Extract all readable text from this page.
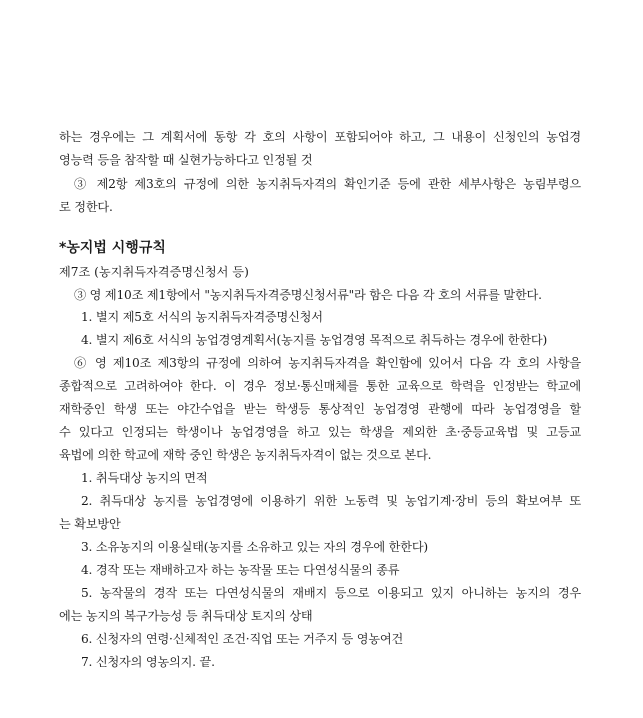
하는 경우에는 그 계획서에 동항 각 호의 사항이 포함되어야 하고, 그 내용이 신청인의 농업경
영능력 등을 참작할 때 실현가능하다고 인정될 것
③ 제2항 제3호의 규정에 의한 농지취득자격의 확인기준 등에 관한 세부사항은 농림부령으
로 정한다.
*농지법 시행규칙
제7조 (농지취득자격증명신청서 등)
③ 영 제10조 제1항에서 "농지취득자격증명신청서류"라 함은 다음 각 호의 서류를 말한다.
1. 별지 제5호 서식의 농지취득자격증명신청서
4. 별지 제6호 서식의 농업경영계획서(농지를 농업경영 목적으로 취득하는 경우에 한한다)
⑥ 영 제10조 제3항의 규정에 의하여 농지취득자격을 확인함에 있어서 다음 각 호의 사항을
종합적으로 고려하여야 한다. 이 경우 정보·통신매체를 통한 교육으로 학력을 인정받는 학교에
재학중인 학생 또는 야간수업을 받는 학생등 통상적인 농업경영 관행에 따라 농업경영을 할
수 있다고 인정되는 학생이나 농업경영을 하고 있는 학생을 제외한 초·중등교육법 및 고등교
육법에 의한 학교에 재학 중인 학생은 농지취득자격이 없는 것으로 본다.
1. 취득대상 농지의 면적
2. 취득대상 농지를 농업경영에 이용하기 위한 노동력 및 농업기계·장비 등의 확보여부 또
는 확보방안
3. 소유농지의 이용실태(농지를 소유하고 있는 자의 경우에 한한다)
4. 경작 또는 재배하고자 하는 농작물 또는 다연성식물의 종류
5. 농작물의 경작 또는 다연성식물의 재배지 등으로 이용되고 있지 아니하는 농지의 경우
에는 농지의 복구가능성 등 취득대상 토지의 상태
6. 신청자의 연령·신체적인 조건·직업 또는 거주지 등 영농여건
7. 신청자의 영농의지. 끝.
